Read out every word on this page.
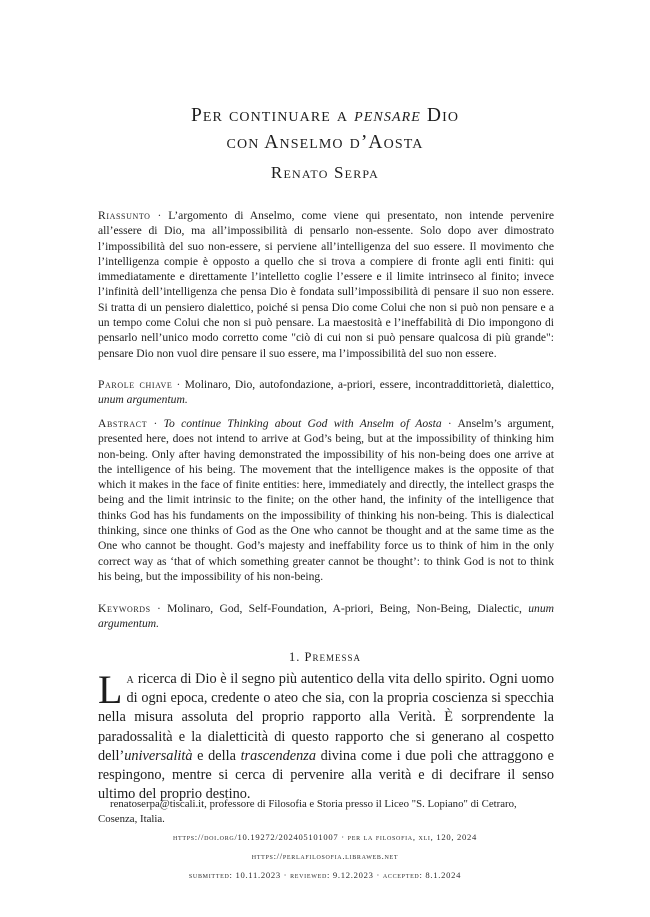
Per continuare a pensare Dio
con Anselmo d’Aosta
Renato Serpa
Riassunto · L’argomento di Anselmo, come viene qui presentato, non intende pervenire all’essere di Dio, ma all’impossibilità di pensarlo non-essente. Solo dopo aver dimostrato l’impossibilità del suo non-essere, si perviene all’intelligenza del suo essere. Il movimento che l’intelligenza compie è opposto a quello che si trova a compiere di fronte agli enti finiti: qui immediatamente e direttamente l’intelletto coglie l’essere e il limite intrinseco al finito; invece l’infinità dell’intelligenza che pensa Dio è fondata sull’impossibilità di pensare il suo non essere. Si tratta di un pensiero dialettico, poiché si pensa Dio come Colui che non si può non pensare e a un tempo come Colui che non si può pensare. La maestosità e l’ineffabilità di Dio impongono di pensarlo nell’unico modo corretto come "ciò di cui non si può pensare qualcosa di più grande": pensare Dio non vuol dire pensare il suo essere, ma l’impossibilità del suo non essere.
Parole chiave · Molinaro, Dio, autofondazione, a-priori, essere, incontraddittorietà, dialettico, unum argumentum.
Abstract · To continue Thinking about God with Anselm of Aosta · Anselm’s argument, presented here, does not intend to arrive at God’s being, but at the impossibility of thinking him non-being. Only after having demonstrated the impossibility of his non-being does one arrive at the intelligence of his being. The movement that the intelligence makes is the opposite of that which it makes in the face of finite entities: here, immediately and directly, the intellect grasps the being and the limit intrinsic to the finite; on the other hand, the infinity of the intelligence that thinks God has his fundaments on the impossibility of thinking his non-being. This is dialectical thinking, since one thinks of God as the One who cannot be thought and at the same time as the One who cannot be thought. God’s majesty and ineffability force us to think of him in the only correct way as ‘that of which something greater cannot be thought’: to think God is not to think his being, but the impossibility of his non-being.
Keywords · Molinaro, God, Self-Foundation, A-priori, Being, Non-Being, Dialectic, unum argumentum.
1. Premessa
La ricerca di Dio è il segno più autentico della vita dello spirito. Ogni uomo di ogni epoca, credente o ateo che sia, con la propria coscienza si specchia nella misura assoluta del proprio rapporto alla Verità. È sorprendente la paradossalità e la dialetticità di questo rapporto che si generano al cospetto dell’universalità e della trascendenza divina come i due poli che attraggono e respingono, mentre si cerca di pervenire alla verità e di decifrare il senso ultimo del proprio destino.
renatoserpa@tiscali.it, professore di Filosofia e Storia presso il Liceo "S. Lopiano" di Cetraro, Cosenza, Italia.
https://doi.org/10.19272/202405101007 · per la filosofia, xli, 120, 2024
https://perlafilosofia.libraweb.net
submitted: 10.11.2023 · reviewed: 9.12.2023 · accepted: 8.1.2024
